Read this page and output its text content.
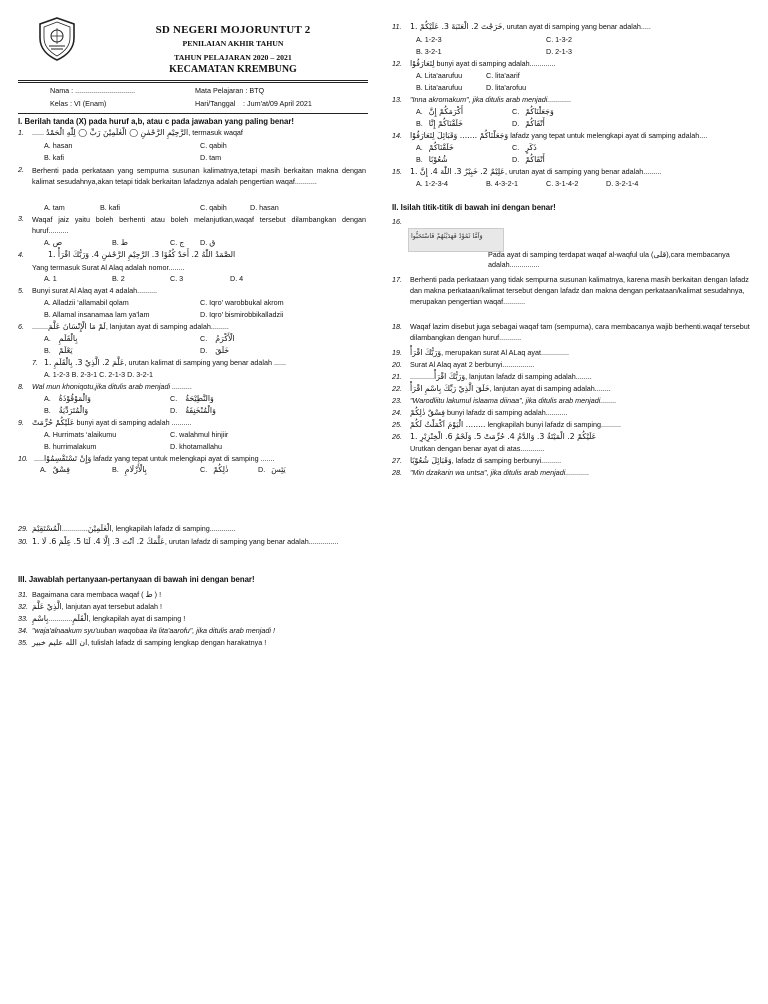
SD NEGERI MOJORUNTUT 2
PENILAIAN AKHIR TAHUN
TAHUN PELAJARAN 2020 – 2021
KECAMATAN KREMBUNG
Nama : ..............................	Mata Pelajaran : BTQ
Kelas : VI (Enam)	Hari/Tanggal : Jum'at/09 April 2021
I. Berilah tanda (X) pada huruf a,b, atau c pada jawaban yang paling benar!
1. ...... الرَّحِيْمِ الرَّحْمٰنِ ◯ الْعٰلَمِيْنَ رَبِّ ◯ لِلّٰهِ الْحَمْدُ, termasuk waqaf
A. hasan	C. qabih
B. kafi	D. tam
2. Berhenti pada perkataan yang sempurna susunan kalimatnya,tetapi masih berkaitan makna dengan kalimat sesudahnya,akan tetapi tidak berkaitan lafadznya adalah pengertian waqaf...........
A. tam	B. kafi	C. qabih	D. hasan
3. Waqaf jaiz yaitu boleh berhenti atau boleh melanjutkan,waqaf tersebut dilambangkan dengan huruf..........
A. ص	B. ط	C. ج D. ق
4.	1. الصَّمَدُ اللّٰهُ 2. أَحَدٌ كُفُوًا 3. الرَّحِيْمِ الرَّحْمٰنِ 4. وَرَبُّكَ اقْرَأْ
Yang termasuk Surat Al Alaq adalah nomor........
A. 1	B. 2	C. 3	D. 4
5. Bunyi surat Al Alaq ayat 4 adalah..........
A. Alladzii ‘allamabil qolam	C. Iqro' warobbukal akrom
B. Allamal insanamaa lam ya’lam	D. Iqro' bismirobbikalladzii
6. ........لَمْ مَا الْإِنْسَانَ عَلَّمَ, lanjutan ayat di samping adalah.........
A. بِالْقَلَمِ	C. الْأَكْرَمُ
B. يَعْلَمْ	D. خَلَقَ
7. 1. عَلَّمَ 2. الَّذِيْ 3. بِالْقَلَمِ, urutan kalimat di samping yang benar adalah ......
A. 1-2-3 B. 2-3-1 C. 2-1-3 D. 3-2-1
8. Wal mun khoniqotu,jika ditulis arab menjadi ..........
A. وَالْمَوْقُوْذَةُ	C. وَالنَّطِيْحَةُ
B. وَالْمُتَرَدِّيَةُ	D. وَالْمُنْخَنِقَةُ
9. عَلَيْكُمْ حُرِّمَتْ bunyi ayat di samping adalah ..........
A. Hurrimats ‘alaikumu	C. walahmul hinjiir
B. hurrimalakum	D. khotamallahu
10. .....وَإِنْ تَسْتَقْسِمُوْا lafadz yang tepat untuk melengkapi ayat di samping .......
A. فِسْقٌ	B. بِالْأَزْلَامِ	C. ذٰلِكُمْ	D. يَئِسَ
29.	الْعٰلَمِيْنَ.............الْمُسْتَقِيْمَ	, lengkapilah lafadz di samping.............
30. 1. عَلَّمَكَ 2. اَنْتَ 3. اِلَّا 4. لَنَا 5. عِلْمَ 6. لَا, urutan lafadz di samping yang benar adalah...............
III. Jawablah pertanyaan-pertanyaan di bawah ini dengan benar!
31. Bagaimana cara membaca waqaf ( ط ) !
32. الَّذِيْ عَلَّمَ, lanjutan ayat tersebut adalah !
33.	الْقَلَمِ............بِاسْمِ	, lengkapilah ayat di samping !
34. "waja'alnaakum syu'uuban waqobaa ila lita'aarofu", jika ditulis arab menjadi !
35. ان الله عليم خبير, tulislah lafadz di samping lengkap dengan harakatnya !
11. 1. خَرَجْتَ 2. الْعَتَبَةَ 3. عَلَيْكُمْ, urutan ayat di samping yang benar adalah.....
A. 1-2-3	C. 1-3-2
B. 3-2-1	D. 2-1-3
12. لِتَعَارَفُوْا bunyi ayat di samping adalah.............
A. Lita'aarufuu	C. lita'aarif
B. Lita'aarufuu	D. lita'arofuu
13. "Inna akromakum", jika ditulis arab menjadi............
A. أَكْرَمَكُمْ إِنَّ	C. وَجَعَلْنَاكُمْ
B. خَلَقْنَاكُمْ إِنَّا	D. أَتْقَاكُمْ
14. وَجَعَلْنَاكُمْ ....... وَقَبَائِلَ لِتَعَارَفُوْا lafadz yang tepat untuk melengkapi ayat di samping adalah....
A. خَلَقْنَاكُمْ	C. ذَكَرٍ
B. شُعُوْبًا	D. أَتْقَاكُمْ
15. 1. عَلِيْمٌ 2. خَبِيْرٌ 3. اللّٰهَ 4. إِنَّ, urutan ayat di samping yang benar adalah.........
A. 1-2-3-4	B. 4-3-2-1	C. 3-1-4-2	D. 3-2-1-4
II. Isilah titik-titik di bawah ini dengan benar!
16.
وَاَمَّا ثَمُوْدُ فَهَدَيْنٰهُمْ فَاسْتَحَبُّوا
Pada ayat di samping terdapat waqaf al-waqful ula (قلى),cara membacanya adalah...............
17. Berhenti pada perkataan yang tidak sempurna susunan kalimatnya, karena masih berkaitan dengan lafadz dan makna perkataan/kalimat tersebut dengan lafadz dan makna dengan perkataan/kalimat sesudahnya, merupakan pengertian waqaf...........
18. Waqaf lazim disebut juga sebagai waqaf tam (sempurna), cara membacanya wajib berhenti.waqaf tersebut dilambangkan dengan huruf...........
19. وَرَبُّكَ اقْرَأْ, merupakan surat Al ALaq ayat..............
20. Surat Al Alaq ayat 2 berbunyi................
21. ............وَرَبُّكَ اقْرَأْ, lanjutan lafadz di samping adalah........
22. خَلَقَ الَّذِيْ رَبِّكَ بِاسْمِ اقْرَأْ, lanjutan ayat di samping adalah........
23. "Warodliitu lakumul islaama diinaa", jika ditulis arab menjadi........
24. فِسْقٌ ذٰلِكُمْ bunyi lafadz di samping adalah...........
25. الْيَوْمَ اَكْمَلْتُ لَكُمْ ........ lengkapilah bunyi lafadz di samping..........
26. 1. عَلَيْكُمْ 2. الْمَيْتَةُ 3. وَالدَّمُ 4. حُرِّمَتْ 5. وَلَحْمُ 6. الْخِنْزِيْرِ
Urutkan dengan benar ayat di atas............
27. وَقَبَائِلَ شُعُوْبًا, lafadz di samping berbunyi..........
28. "Min dzakarin wa untsa", jika ditulis arab menjadi............
